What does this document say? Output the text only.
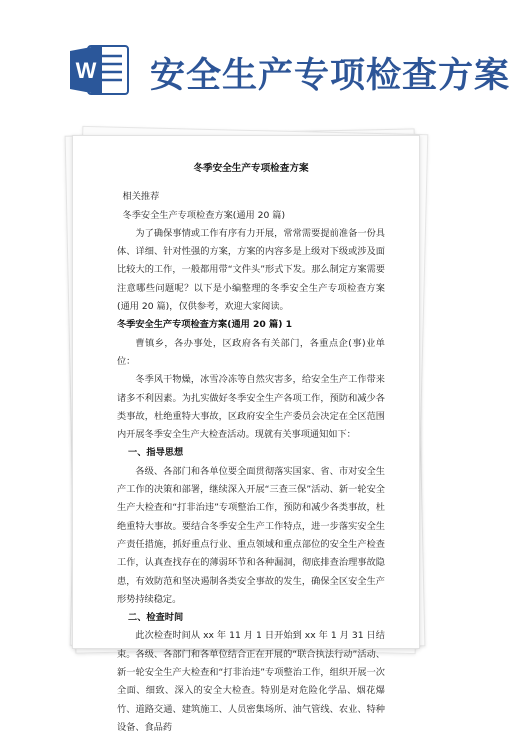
W 安全生产专项检查方案
冬季安全生产专项检查方案

相关推荐

冬季安全生产专项检查方案(通用 20 篇)

为了确保事情或工作有序有力开展，常常需要提前准备一份具体、详细、针对性强的方案，方案的内容多是上级对下级或涉及面比较大的工作，一般都用带“文件头”形式下发。那么制定方案需要注意哪些问题呢？以下是小编整理的冬季安全生产专项检查方案(通用 20 篇)，仅供参考，欢迎大家阅读。

冬季安全生产专项检查方案(通用 20 篇) 1

曹镇乡，各办事处，区政府各有关部门，各重点企(事)业单位：

冬季风干物燥，冰雪冷冻等自然灾害多，给安全生产工作带来诸多不利因素。为扎实做好冬季安全生产各项工作，预防和减少各类事故，杜绝重特大事故，区政府安全生产委员会决定在全区范围内开展冬季安全生产大检查活动。现就有关事项通知如下：

一、指导思想

各级、各部门和各单位要全面贯彻落实国家、省、市对安全生产工作的决策和部署，继续深入开展“三查三保”活动、新一轮安全生产大检查和“打非治违”专项整治工作，预防和减少各类事故，杜绝重特大事故。要结合冬季安全生产工作特点，进一步落实安全生产责任措施，抓好重点行业、重点领域和重点部位的安全生产检查工作，认真查找存在的薄弱环节和各种漏洞，彻底排查治理事故隐患，有效防范和坚决遏制各类安全事故的发生，确保全区安全生产形势持续稳定。

二、检查时间

此次检查时间从 xx 年 11 月 1 日开始到 xx 年 1 月 31 日结束。各级、各部门和各单位结合正在开展的“联合执法行动”活动、新一轮安全生产大检查和“打非治违”专项整治工作，组织开展一次全面、细致、深入的安全大检查。特别是对危险化学品、烟花爆竹、道路交通、建筑施工、人员密集场所、油气管线、农业、特种设备、食品药
